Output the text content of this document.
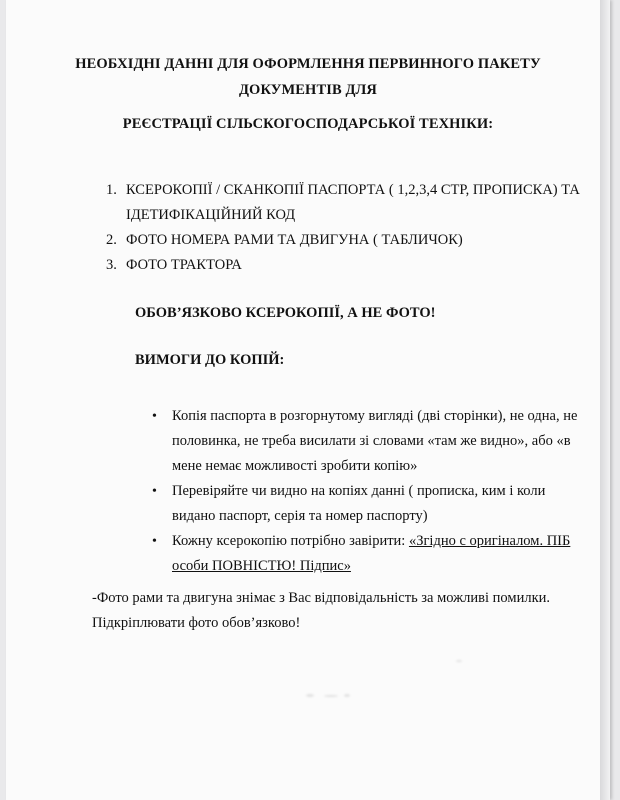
НЕОБХІДНІ ДАННІ ДЛЯ ОФОРМЛЕННЯ ПЕРВИННОГО ПАКЕТУ
ДОКУМЕНТІВ ДЛЯ
РЕЄСТРАЦІЇ СІЛЬСКОГОСПОДАРСЬКОЇ ТЕХНІКИ:
1. КСЕРОКОПІЇ / СКАНКОПІЇ ПАСПОРТА ( 1,2,3,4 СТР, ПРОПИСКА) ТА ІДЕТИФІКАЦІЙНИЙ КОД
2. ФОТО НОМЕРА РАМИ ТА ДВИГУНА ( ТАБЛИЧОК)
3. ФОТО ТРАКТОРА
ОБОВ’ЯЗКОВО КСЕРОКОПІЇ, А НЕ ФОТО!
ВИМОГИ ДО КОПІЙ:
• Копія паспорта в розгорнутому вигляді (дві сторінки), не одна, не половинка, не треба висилати зі словами «там же видно», або «в мене немає можливості зробити копію»
• Перевіряйте чи видно на копіях данні ( прописка, ким і коли видано паспорт, серія та номер паспорту)
• Кожну ксерокопію потрібно завірити: «Згідно с оригіналом. ПІБ особи ПОВНІСТЮ! Підпис»
-Фото рами та двигуна знімає з Вас відповідальність за можливі помилки.
Підкріплювати фото обов’язково!
